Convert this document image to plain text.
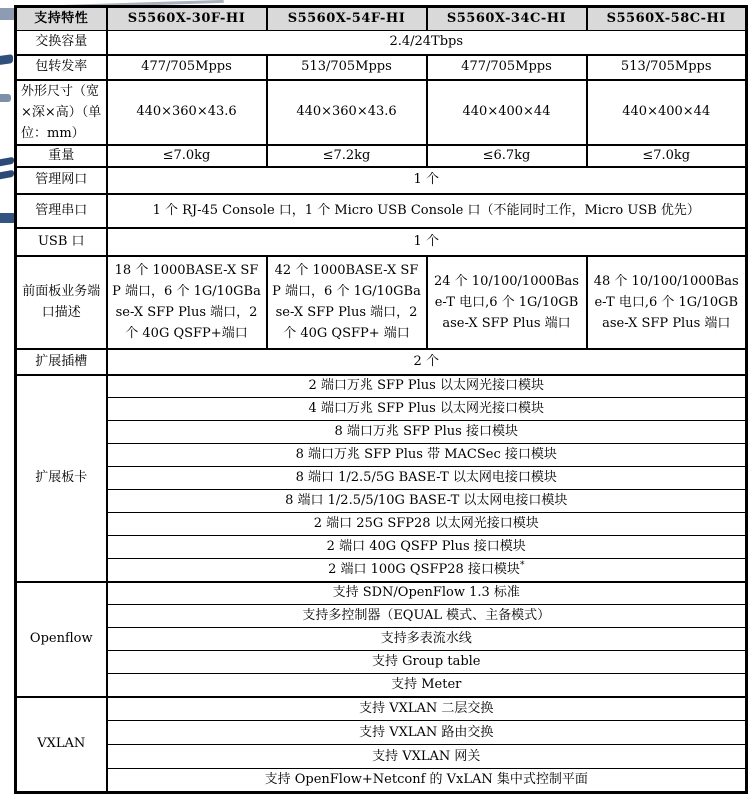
支持特性	S5560X-30F-HI	S5560X-54F-HI	S5560X-34C-HI	S5560X-58C-HI
交换容量	2.4/24Tbps			
包转发率	477/705Mpps	513/705Mpps	477/705Mpps	513/705Mpps
外形尺寸（宽×深×高）（单位：mm）	440×360×43.6	440×360×43.6	440×400×44	440×400×44
重量	≤7.0kg	≤7.2kg	≤6.7kg	≤7.0kg
管理网口	1 个			
管理串口	1 个 RJ-45 Console 口，1 个 Micro USB Console 口（不能同时工作，Micro USB 优先）			
USB 口	1 个			
前面板业务端口描述	18 个 1000BASE-X SFP 端口，6 个 1G/10GBase-X SFP Plus 端口，2 个 40G QSFP+端口	42 个 1000BASE-X SFP 端口，6 个 1G/10GBase-X SFP Plus 端口，2 个 40G QSFP+ 端口	24 个 10/100/1000Base-T 电口,6 个 1G/10GBase-X SFP Plus 端口	48 个 10/100/1000Base-T 电口,6 个 1G/10GBase-X SFP Plus 端口
扩展插槽	2 个			
扩展板卡	2 端口万兆 SFP Plus 以太网光接口模块			
	4 端口万兆 SFP Plus 以太网光接口模块			
	8 端口万兆 SFP Plus 接口模块			
	8 端口万兆 SFP Plus 带 MACSec 接口模块			
	8 端口 1/2.5/5G BASE-T 以太网电接口模块			
	8 端口 1/2.5/5/10G BASE-T 以太网电接口模块			
	2 端口 25G SFP28 以太网光接口模块			
	2 端口 40G QSFP Plus 接口模块			
	2 端口 100G QSFP28 接口模块*
Openflow	支持 SDN/OpenFlow 1.3 标准			
	支持多控制器（EQUAL 模式、主备模式）			
	支持多表流水线			
	支持 Group table			
	支持 Meter			
VXLAN	支持 VXLAN 二层交换			
	支持 VXLAN 路由交换			
	支持 VXLAN 网关			
	支持 OpenFlow+Netconf 的 VxLAN 集中式控制平面			
